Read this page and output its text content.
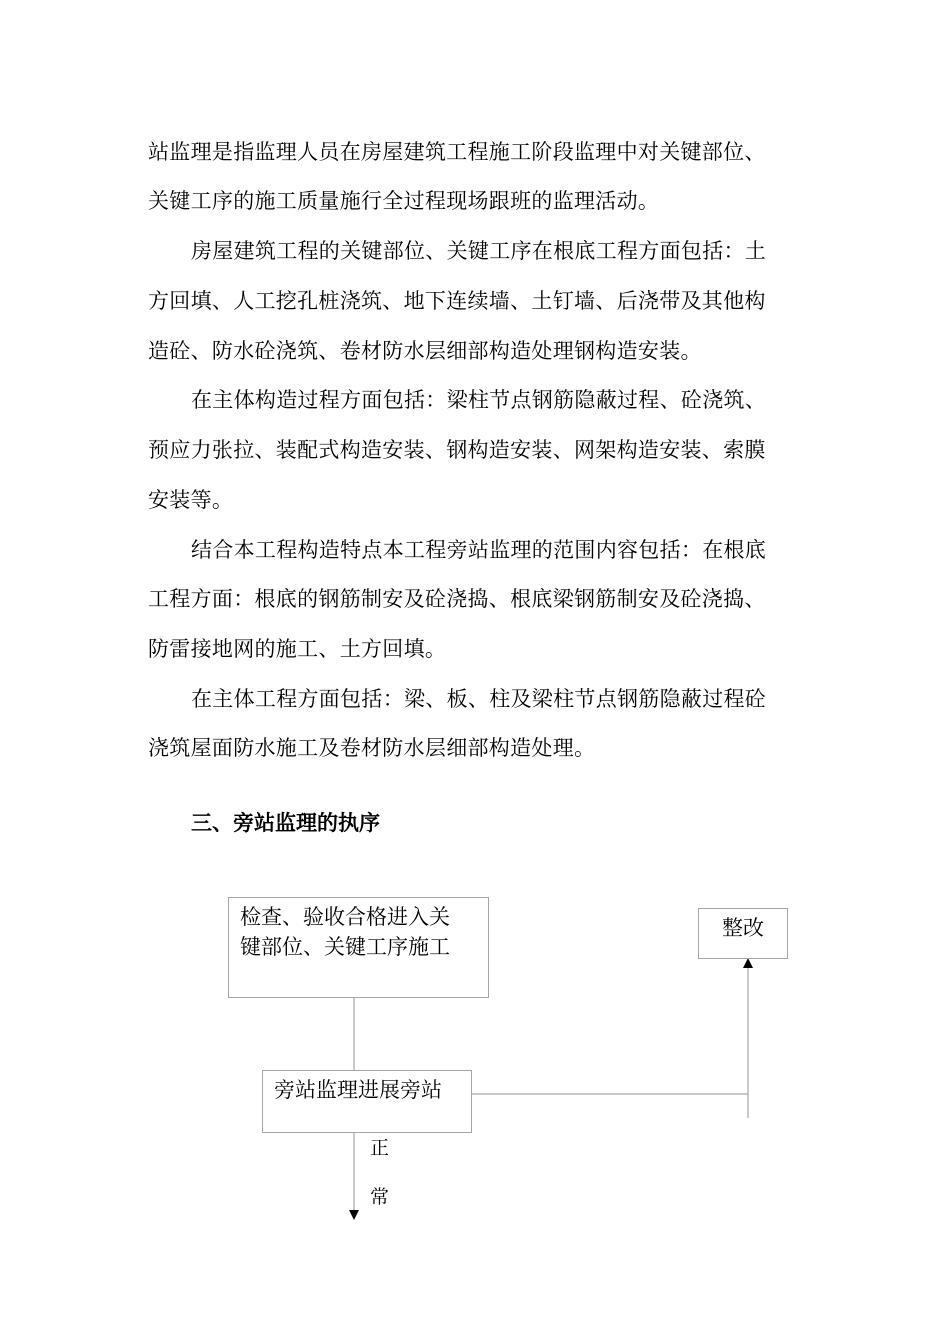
站监理是指监理人员在房屋建筑工程施工阶段监理中对关键部位、
关键工序的施工质量施行全过程现场跟班的监理活动。
房屋建筑工程的关键部位、关键工序在根底工程方面包括：土
方回填、人工挖孔桩浇筑、地下连续墙、土钉墙、后浇带及其他构
造砼、防水砼浇筑、卷材防水层细部构造处理钢构造安装。
在主体构造过程方面包括：梁柱节点钢筋隐蔽过程、砼浇筑、
预应力张拉、装配式构造安装、钢构造安装、网架构造安装、索膜
安装等。
结合本工程构造特点本工程旁站监理的范围内容包括：在根底
工程方面：根底的钢筋制安及砼浇捣、根底梁钢筋制安及砼浇捣、
防雷接地网的施工、土方回填。
在主体工程方面包括：梁、板、柱及梁柱节点钢筋隐蔽过程砼
浇筑屋面防水施工及卷材防水层细部构造处理。
三、旁站监理的执序
检查、验收合格进入关
键部位、关键工序施工
整改
旁站监理进展旁站
正
常
